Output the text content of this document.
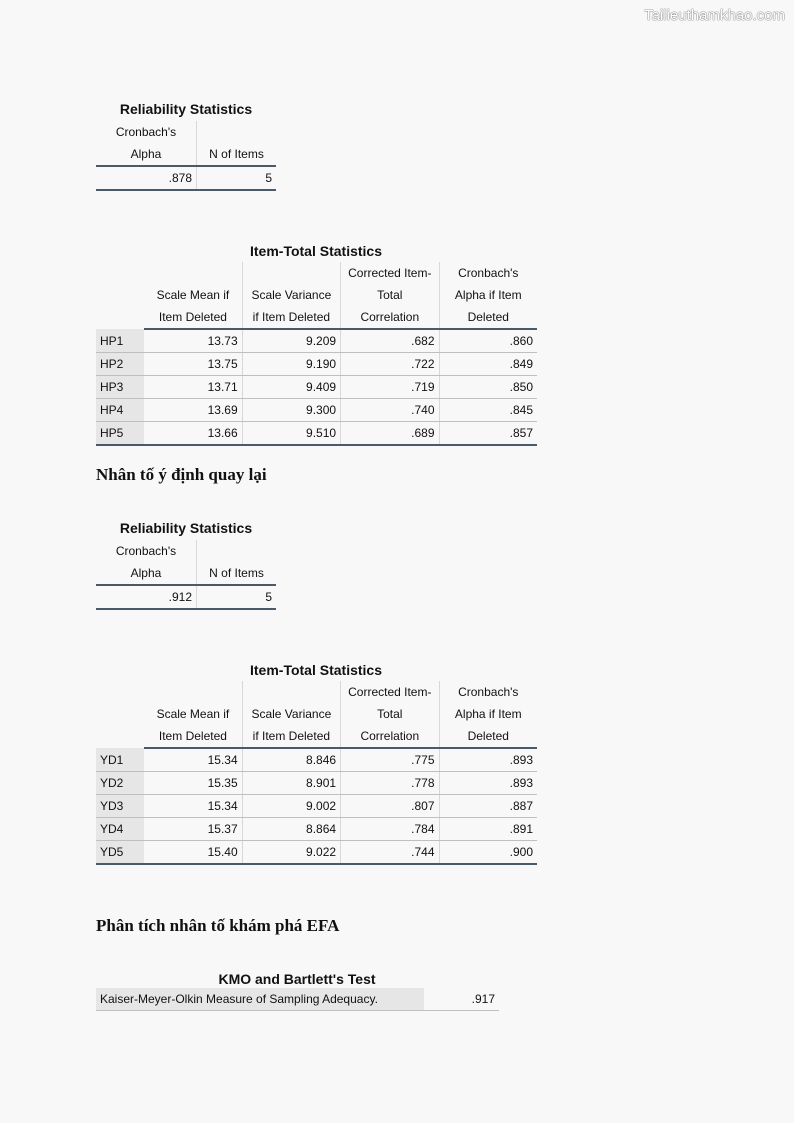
Tailieuthamkhao.com
Reliability Statistics
Cronbach's	
Alpha	N of Items
.878	5
Item-Total Statistics
			Corrected Item-	Cronbach's
	Scale Mean if	Scale Variance	Total	Alpha if Item
	Item Deleted	if Item Deleted	Correlation	Deleted
HP1	13.73	9.209	.682	.860
HP2	13.75	9.190	.722	.849
HP3	13.71	9.409	.719	.850
HP4	13.69	9.300	.740	.845
HP5	13.66	9.510	.689	.857
Nhân tố ý định quay lại
Reliability Statistics
Cronbach's	
Alpha	N of Items
.912	5
Item-Total Statistics
			Corrected Item-	Cronbach's
	Scale Mean if	Scale Variance	Total	Alpha if Item
	Item Deleted	if Item Deleted	Correlation	Deleted
YD1	15.34	8.846	.775	.893
YD2	15.35	8.901	.778	.893
YD3	15.34	9.002	.807	.887
YD4	15.37	8.864	.784	.891
YD5	15.40	9.022	.744	.900
Phân tích nhân tố khám phá EFA
KMO and Bartlett's Test
Kaiser-Meyer-Olkin Measure of Sampling Adequacy.	.917
